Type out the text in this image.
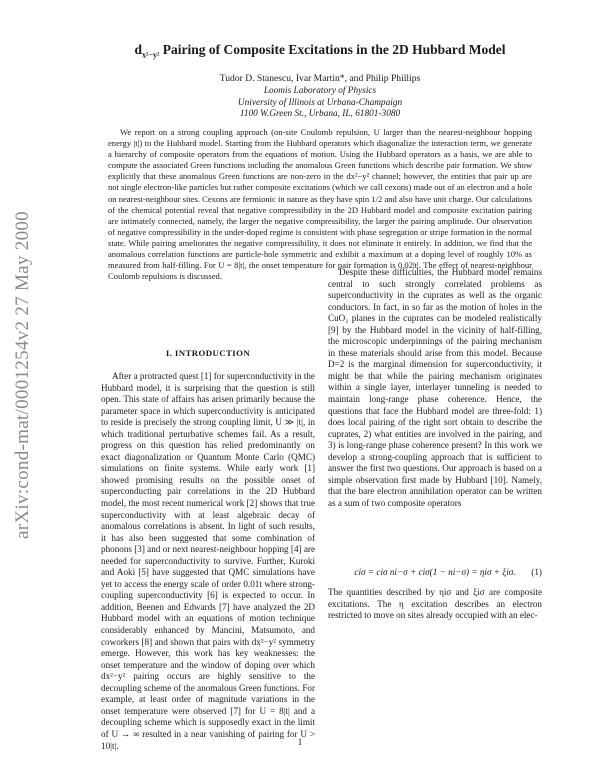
arXiv:cond-mat/0001254v2 27 May 2000
$d_{x^2-y^2}$ Pairing of Composite Excitations in the 2D Hubbard Model
Tudor D. Stanescu, Ivar Martin*, and Philip Phillips
Loomis Laboratory of Physics
University of Illinois at Urbana-Champaign
1100 W.Green St., Urbana, IL, 61801-3080

We report on a strong coupling approach (on-site Coulomb repulsion, U larger than the nearest-neighbour hopping energy |t|) to the Hubbard model. Starting from the Hubbard operators which diagonalize the interaction term, we generate a hierarchy of composite operators from the equations of motion. Using the Hubbard operators as a basis, we are able to compute the associated Green functions including the anomalous Green functions which describe pair formation. We show explicitly that these anomalous Green functions are non-zero in the dx²−y² channel; however, the entities that pair up are not single electron-like particles but rather composite excitations (which we call cexons) made out of an electron and a hole on nearest-neighbour sites. Cexons are fermionic in nature as they have spin 1/2 and also have unit charge. Our calculations of the chemical potential reveal that negative compressibility in the 2D Hubbard model and composite excitation pairing are intimately connected, namely, the larger the negative compressibility, the larger the pairing amplitude. Our observation of negative compressibility in the under-doped regime is consistent with phase segregation or stripe formation in the normal state. While pairing ameliorates the negative compressibility, it does not eliminate it entirely. In addition, we find that the anomalous correlation functions are particle-hole symmetric and exhibit a maximum at a doping level of roughly 10% as measured from half-filling. For U = 8|t|, the onset temperature for pair formation is 0.02|t|. The effect of nearest-neighbour Coulomb repulsions is discussed.

I. INTRODUCTION

After a protracted quest [1] for superconductivity in the Hubbard model, it is surprising that the question is still open. This state of affairs has arisen primarily because the parameter space in which superconductivity is anticipated to reside is precisely the strong coupling limit, U ≫ |t|, in which traditional perturbative schemes fail. As a result, progress on this question has relied predominantly on exact diagonalization or Quantum Monte Carlo (QMC) simulations on finite systems. While early work [1] showed promising results on the possible onset of superconducting pair correlations in the 2D Hubbard model, the most recent numerical work [2] shows that true superconductivity with at least algebraic decay of anomalous correlations is absent. In light of such results, it has also been suggested that some combination of phonons [3] and or next nearest-neighbour hopping [4] are needed for superconductivity to survive. Further, Kuroki and Aoki [5] have suggested that QMC simulations have yet to access the energy scale of order 0.01t where strong-coupling superconductivity [6] is expected to occur. In addition, Beenen and Edwards [7] have analyzed the 2D Hubbard model with an equations of motion technique considerably enhanced by Mancini, Matsumoto, and coworkers [8] and shown that pairs with dx²−y² symmetry emerge. However, this work has key weaknesses: the onset temperature and the window of doping over which dx²−y² pairing occurs are highly sensitive to the decoupling scheme of the anomalous Green functions. For example, at least order of magnitude variations in the onset temperature were observed [7] for U = 8|t| and a decoupling scheme which is supposedly exact in the limit of U → ∞ resulted in a near vanishing of pairing for U > 10|t|.

Despite these difficulties, the Hubbard model remains central to such strongly correlated problems as superconductivity in the cuprates as well as the organic conductors. In fact, in so far as the motion of holes in the CuO₂ planes in the cuprates can be modeled realistically [9] by the Hubbard model in the vicinity of half-filling, the microscopic underpinnings of the pairing mechanism in these materials should arise from this model. Because D=2 is the marginal dimension for superconductivity, it might be that while the pairing mechanism originates within a single layer, interlayer tunneling is needed to maintain long-range phase coherence. Hence, the questions that face the Hubbard model are three-fold: 1) does local pairing of the right sort obtain to describe the cuprates, 2) what entities are involved in the pairing, and 3) is long-range phase coherence present? In this work we develop a strong-coupling approach that is sufficient to answer the first two questions. Our approach is based on a simple observation first made by Hubbard [10]. Namely, that the bare electron annihilation operator can be written as a sum of two composite operators

ciσ = ciσ ni−σ + ciσ(1 − ni−σ) = ηiσ + ξiσ.	(1)

The quantities described by ηiσ and ξiσ are composite excitations. The η excitation describes an electron restricted to move on sites already occupied with an elec-

1
